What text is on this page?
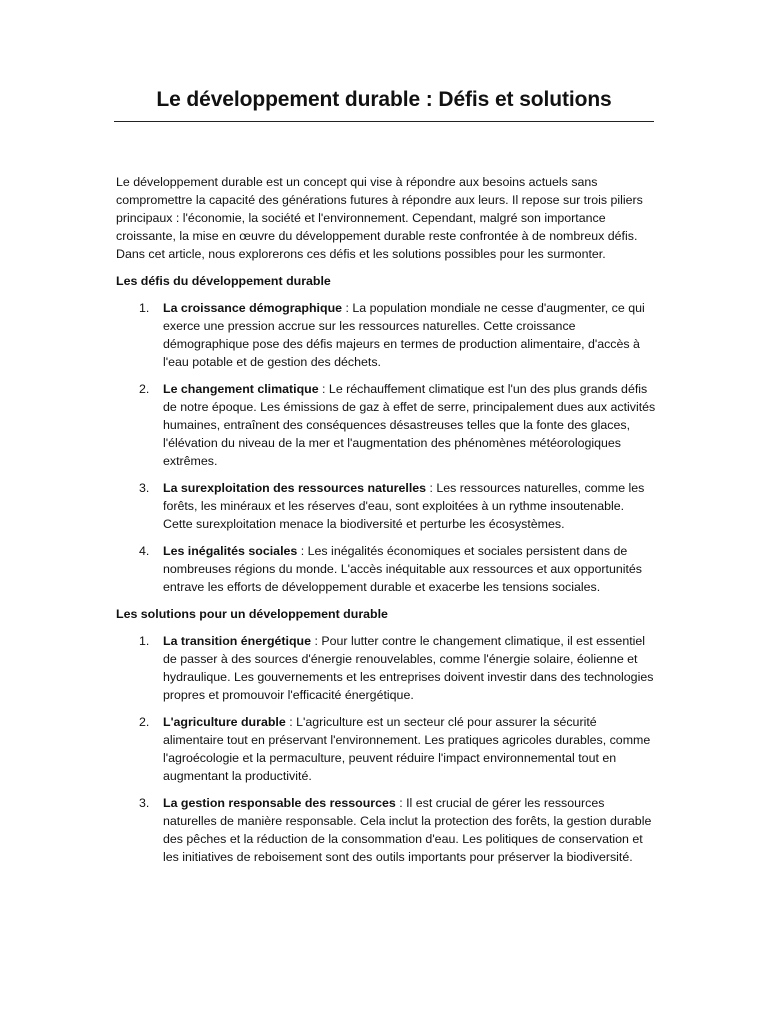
Le développement durable : Défis et solutions

Le développement durable est un concept qui vise à répondre aux besoins actuels sans compromettre la capacité des générations futures à répondre aux leurs. Il repose sur trois piliers principaux : l'économie, la société et l'environnement. Cependant, malgré son importance croissante, la mise en œuvre du développement durable reste confrontée à de nombreux défis. Dans cet article, nous explorerons ces défis et les solutions possibles pour les surmonter.

Les défis du développement durable
1. La croissance démographique : La population mondiale ne cesse d'augmenter, ce qui exerce une pression accrue sur les ressources naturelles. Cette croissance démographique pose des défis majeurs en termes de production alimentaire, d'accès à l'eau potable et de gestion des déchets.
2. Le changement climatique : Le réchauffement climatique est l'un des plus grands défis de notre époque. Les émissions de gaz à effet de serre, principalement dues aux activités humaines, entraînent des conséquences désastreuses telles que la fonte des glaces, l'élévation du niveau de la mer et l'augmentation des phénomènes météorologiques extrêmes.
3. La surexploitation des ressources naturelles : Les ressources naturelles, comme les forêts, les minéraux et les réserves d'eau, sont exploitées à un rythme insoutenable. Cette surexploitation menace la biodiversité et perturbe les écosystèmes.
4. Les inégalités sociales : Les inégalités économiques et sociales persistent dans de nombreuses régions du monde. L'accès inéquitable aux ressources et aux opportunités entrave les efforts de développement durable et exacerbe les tensions sociales.
Les solutions pour un développement durable
1. La transition énergétique : Pour lutter contre le changement climatique, il est essentiel de passer à des sources d'énergie renouvelables, comme l'énergie solaire, éolienne et hydraulique. Les gouvernements et les entreprises doivent investir dans des technologies propres et promouvoir l'efficacité énergétique.
2. L'agriculture durable : L'agriculture est un secteur clé pour assurer la sécurité alimentaire tout en préservant l'environnement. Les pratiques agricoles durables, comme l'agroécologie et la permaculture, peuvent réduire l'impact environnemental tout en augmentant la productivité.
3. La gestion responsable des ressources : Il est crucial de gérer les ressources naturelles de manière responsable. Cela inclut la protection des forêts, la gestion durable des pêches et la réduction de la consommation d'eau. Les politiques de conservation et les initiatives de reboisement sont des outils importants pour préserver la biodiversité.
